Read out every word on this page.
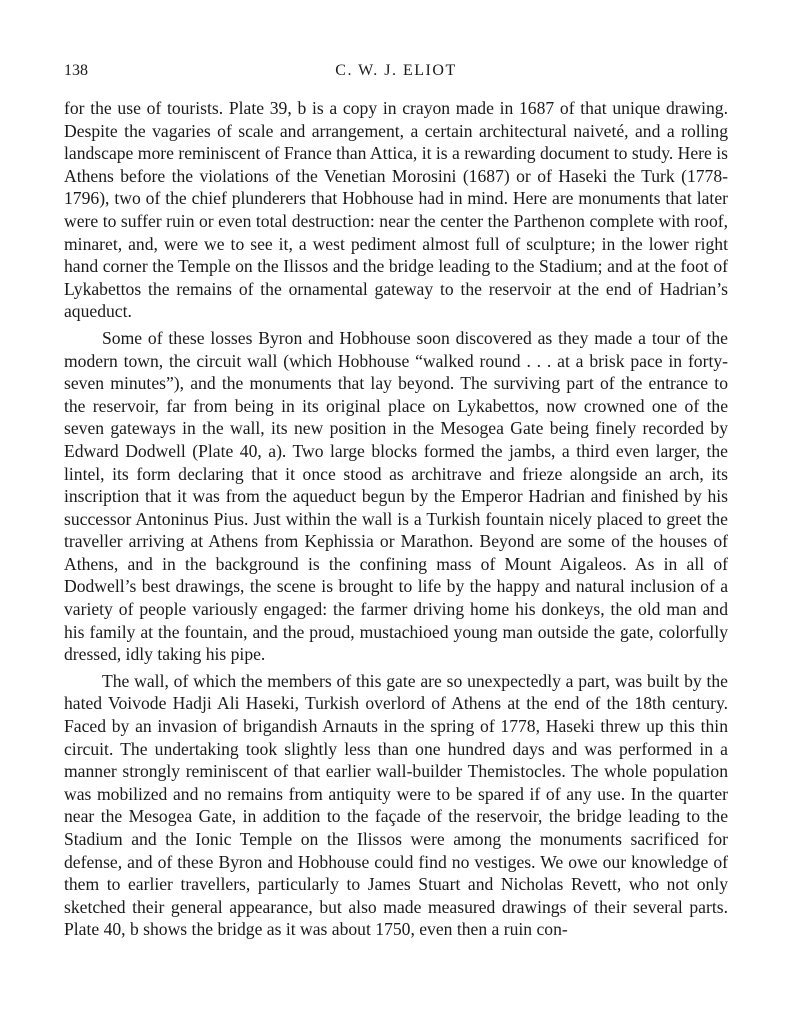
138	C. W. J. ELIOT

for the use of tourists. Plate 39, b is a copy in crayon made in 1687 of that unique drawing. Despite the vagaries of scale and arrangement, a certain architectural naiveté, and a rolling landscape more reminiscent of France than Attica, it is a rewarding document to study. Here is Athens before the violations of the Venetian Morosini (1687) or of Haseki the Turk (1778-1796), two of the chief plunderers that Hobhouse had in mind. Here are monuments that later were to suffer ruin or even total destruction: near the center the Parthenon complete with roof, minaret, and, were we to see it, a west pediment almost full of sculpture; in the lower right hand corner the Temple on the Ilissos and the bridge leading to the Stadium; and at the foot of Lykabettos the remains of the ornamental gateway to the reservoir at the end of Hadrian’s aqueduct.

Some of these losses Byron and Hobhouse soon discovered as they made a tour of the modern town, the circuit wall (which Hobhouse “walked round . . . at a brisk pace in forty-seven minutes”), and the monuments that lay beyond. The surviving part of the entrance to the reservoir, far from being in its original place on Lykabettos, now crowned one of the seven gateways in the wall, its new position in the Mesogea Gate being finely recorded by Edward Dodwell (Plate 40, a). Two large blocks formed the jambs, a third even larger, the lintel, its form declaring that it once stood as architrave and frieze alongside an arch, its inscription that it was from the aqueduct begun by the Emperor Hadrian and finished by his successor Antoninus Pius. Just within the wall is a Turkish fountain nicely placed to greet the traveller arriving at Athens from Kephissia or Marathon. Beyond are some of the houses of Athens, and in the background is the confining mass of Mount Aigaleos. As in all of Dodwell’s best drawings, the scene is brought to life by the happy and natural inclusion of a variety of people variously engaged: the farmer driving home his donkeys, the old man and his family at the fountain, and the proud, mustachioed young man outside the gate, colorfully dressed, idly taking his pipe.

The wall, of which the members of this gate are so unexpectedly a part, was built by the hated Voivode Hadji Ali Haseki, Turkish overlord of Athens at the end of the 18th century. Faced by an invasion of brigandish Arnauts in the spring of 1778, Haseki threw up this thin circuit. The undertaking took slightly less than one hundred days and was performed in a manner strongly reminiscent of that earlier wall-builder Themistocles. The whole population was mobilized and no remains from antiquity were to be spared if of any use. In the quarter near the Mesogea Gate, in addition to the façade of the reservoir, the bridge leading to the Stadium and the Ionic Temple on the Ilissos were among the monuments sacrificed for defense, and of these Byron and Hobhouse could find no vestiges. We owe our knowledge of them to earlier travellers, particularly to James Stuart and Nicholas Revett, who not only sketched their general appearance, but also made measured drawings of their several parts. Plate 40, b shows the bridge as it was about 1750, even then a ruin con-
